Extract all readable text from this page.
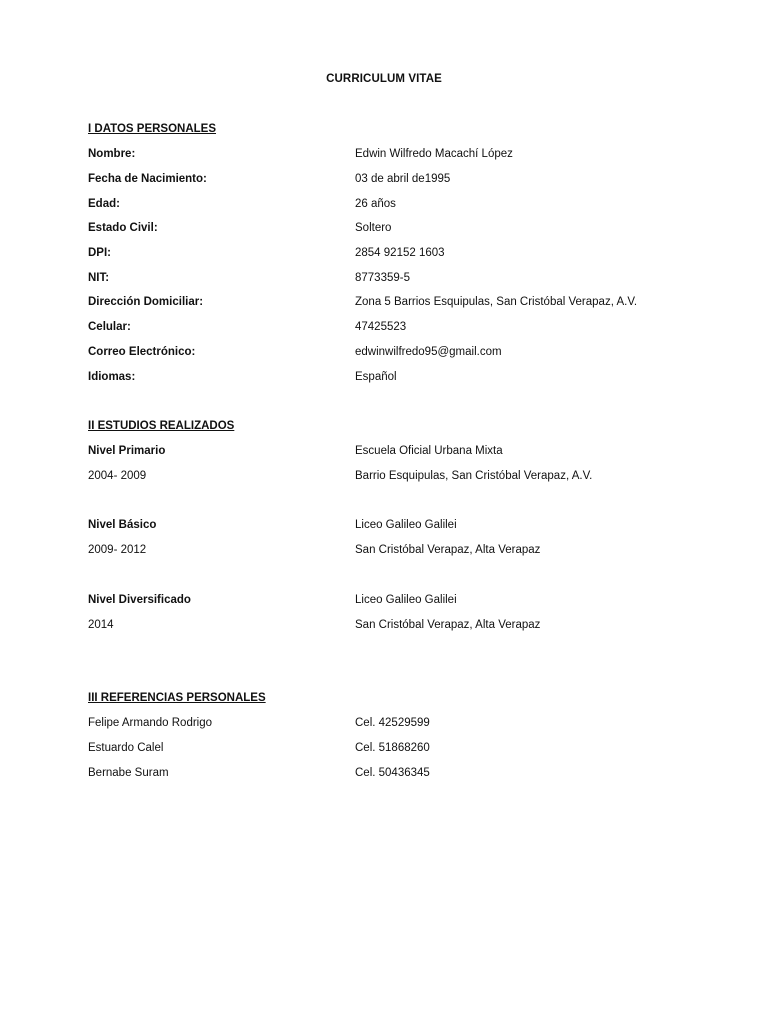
CURRICULUM VITAE
I DATOS PERSONALES
Nombre:	Edwin Wilfredo Macachí López
Fecha de Nacimiento:	03 de abril de1995
Edad:	26 años
Estado Civil:	Soltero
DPI:	2854 92152 1603
NIT:	8773359-5
Dirección Domiciliar:	Zona 5 Barrios Esquipulas, San Cristóbal Verapaz, A.V.
Celular:	47425523
Correo Electrónico:	edwinwilfredo95@gmail.com
Idiomas:	Español
II ESTUDIOS REALIZADOS
Nivel Primario	Escuela Oficial Urbana Mixta
2004- 2009	Barrio Esquipulas, San Cristóbal Verapaz, A.V.
Nivel Básico	Liceo Galileo Galilei
2009- 2012	San Cristóbal Verapaz, Alta Verapaz
Nivel Diversificado	Liceo Galileo Galilei
2014	San Cristóbal Verapaz, Alta Verapaz
III REFERENCIAS PERSONALES
Felipe Armando Rodrigo	Cel. 42529599
Estuardo Calel	Cel. 51868260
Bernabe Suram	Cel. 50436345
